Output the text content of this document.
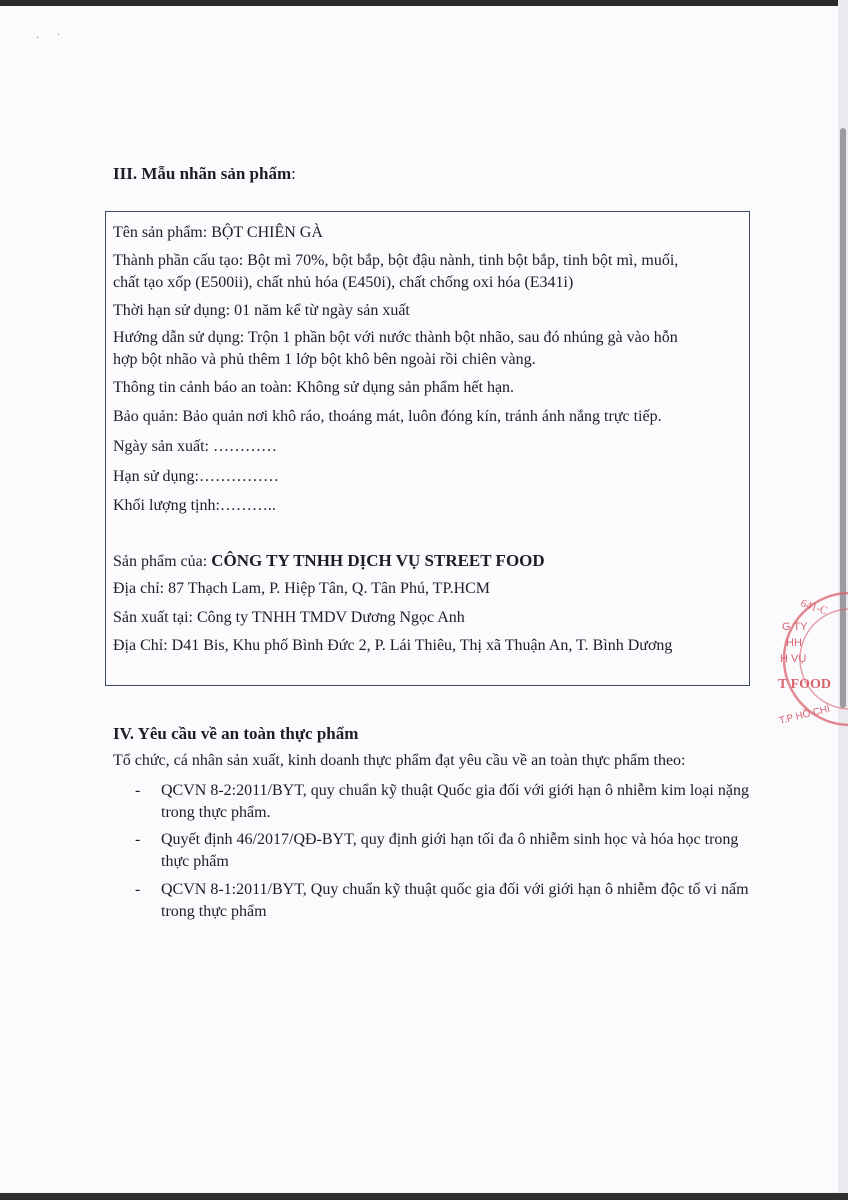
·       ˙
III. Mẫu nhãn sản phẩm:
Tên sản phẩm: BỘT CHIÊN GÀ
Thành phần cấu tạo: Bột mì 70%, bột bắp, bột đậu nành, tinh bột bắp, tinh bột mì, muối,
chất tạo xốp (E500ii), chất nhủ hóa (E450i), chất chống oxi hóa (E341i)
Thời hạn sử dụng: 01 năm kể từ ngày sản xuất
Hướng dẫn sử dụng: Trộn 1 phần bột với nước thành bột nhão, sau đó nhúng gà vào hỗn
hợp bột nhão và phủ thêm 1 lớp bột khô bên ngoài rồi chiên vàng.
Thông tin cảnh báo an toàn: Không sử dụng sản phẩm hết hạn.
Bảo quản: Bảo quản nơi khô ráo, thoáng mát, luôn đóng kín, tránh ánh nắng trực tiếp.
Ngày sản xuất: …………
Hạn sử dụng:……………
Khối lượng tịnh:………..
Sản phẩm của: CÔNG TY TNHH DỊCH VỤ STREET FOOD
Địa chỉ: 87 Thạch Lam, P. Hiệp Tân, Q. Tân Phú, TP.HCM
Sản xuất tại: Công ty TNHH TMDV Dương Ngọc Anh
Địa Chỉ: D41 Bis, Khu phố Bình Đức 2, P. Lái Thiêu, Thị xã Thuận An, T. Bình Dương
IV. Yêu cầu về an toàn thực phẩm
Tổ chức, cá nhân sản xuất, kinh doanh thực phẩm đạt yêu cầu về an toàn thực phẩm theo:
- QCVN 8-2:2011/BYT, quy chuẩn kỹ thuật Quốc gia đối với giới hạn ô nhiễm kim loại nặng trong thực phẩm.
- Quyết định 46/2017/QĐ-BYT, quy định giới hạn tối đa ô nhiễm sinh học và hóa học trong thực phẩm
- QCVN 8-1:2011/BYT, Quy chuẩn kỹ thuật quốc gia đối với giới hạn ô nhiễm độc tố vi nấm trong thực phẩm
641-C
G TY
HH
H VỤ
T FOOD
T.P HỒ CHÍ
